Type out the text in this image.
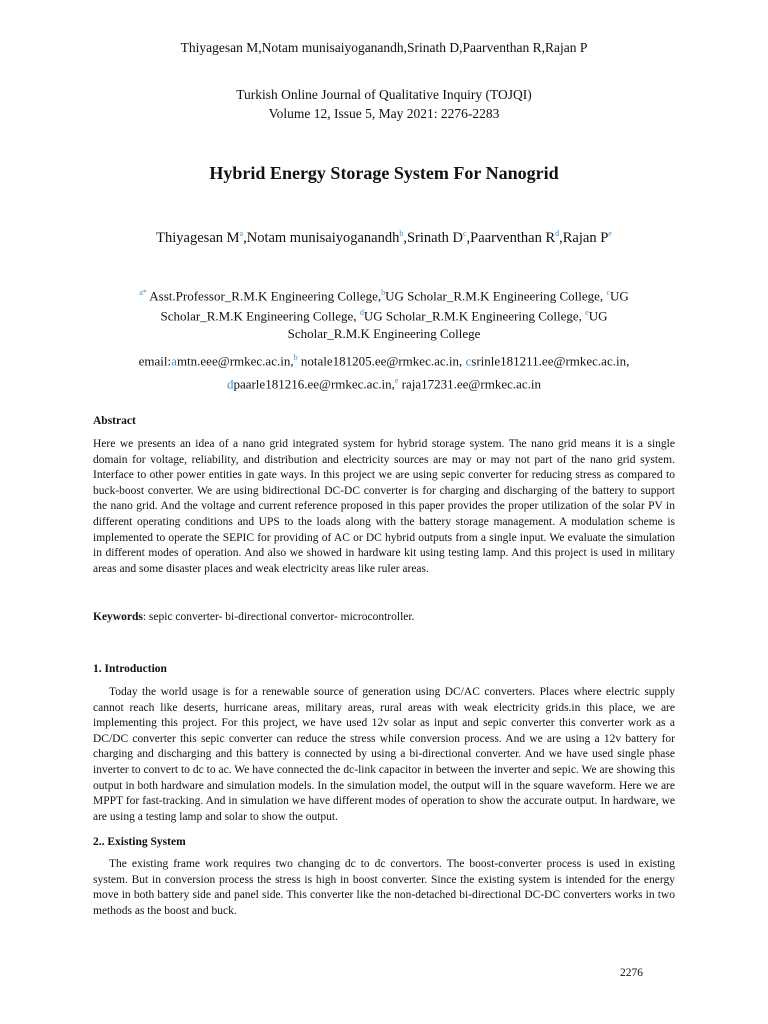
Thiyagesan M,Notam munisaiyoganandh,Srinath D,Paarventhan R,Rajan P
Turkish Online Journal of Qualitative Inquiry (TOJQI)
Volume 12, Issue 5, May 2021: 2276-2283
Hybrid Energy Storage System For Nanogrid
Thiyagesan $M^a,Notam$ munisaiyoganandh$^b$,Srinath $D^c,Paarventhan$ $R^d,Rajan$ $P^e$
$^{a*}$ Asst.Professor_R.M.K Engineering College,$^b$UG Scholar_R.M.K Engineering College, $^c$UG Scholar_R.M.K Engineering College, $^d$UG Scholar_R.M.K Engineering College, $^e$UG Scholar_R.M.K Engineering College
email:amtn.eee@rmkec.ac.in,$^b$ notale181205.ee@rmkec.ac.in, csrinle181211.ee@rmkec.ac.in,
dpaarle181216.ee@rmkec.ac.in,$^e$ raja17231.ee@rmkec.ac.in
Abstract
Here we presents an idea of a nano grid integrated system for hybrid storage system. The nano grid means it is a single domain for voltage, reliability, and distribution and electricity sources are may or may not part of the nano grid system. Interface to other power entities in gate ways. In this project we are using sepic converter for reducing stress as compared to buck-boost converter. We are using bidirectional DC-DC converter is for charging and discharging of the battery to support the nano grid. And the voltage and current reference proposed in this paper provides the proper utilization of the solar PV in different operating conditions and UPS to the loads along with the battery storage management. A modulation scheme is implemented to operate the SEPIC for providing of AC or DC hybrid outputs from a single input. We evaluate the simulation in different modes of operation. And also we showed in hardware kit using testing lamp. And this project is used in military areas and some disaster places and weak electricity areas like ruler areas.
Keywords: sepic converter- bi-directional convertor- microcontroller.
1. Introduction
Today the world usage is for a renewable source of generation using DC/AC converters. Places where electric supply cannot reach like deserts, hurricane areas, military areas, rural areas with weak electricity grids.in this place, we are implementing this project. For this project, we have used 12v solar as input and sepic converter this converter work as a DC/DC converter this sepic converter can reduce the stress while conversion process. And we are using a 12v battery for charging and discharging and this battery is connected by using a bi-directional converter. And we have used single phase inverter to convert to dc to ac. We have connected the dc-link capacitor in between the inverter and sepic. We are showing this output in both hardware and simulation models. In the simulation model, the output will in the square waveform. Here we are MPPT for fast-tracking. And in simulation we have different modes of operation to show the accurate output. In hardware, we are using a testing lamp and solar to show the output.
2.. Existing System
The existing frame work requires two changing dc to dc convertors. The boost-converter process is used in existing system. But in conversion process the stress is high in boost converter. Since the existing system is intended for the energy move in both battery side and panel side. This converter like the non-detached bi-directional DC-DC converters works in two methods as the boost and buck.
2276
